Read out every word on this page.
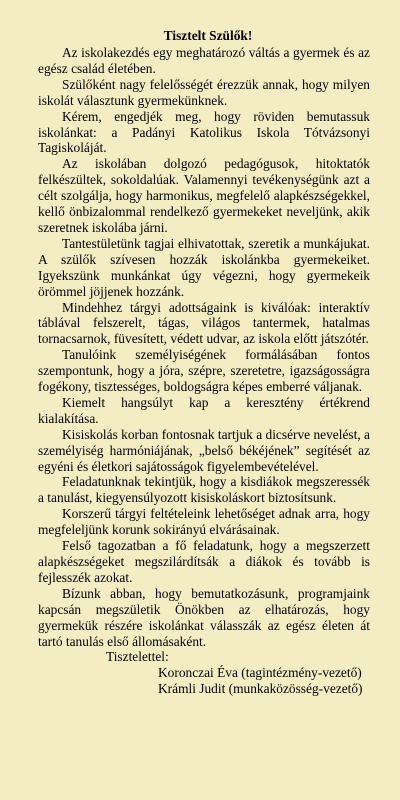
Tisztelt Szülők!

Az iskolakezdés egy meghatározó váltás a gyermek és az egész család életében.

Szülőként nagy felelősségét érezzük annak, hogy milyen iskolát választunk gyermekünknek.

Kérem, engedjék meg, hogy röviden bemutassuk iskolánkat: a Padányi Katolikus Iskola Tótvázsonyi Tagiskoláját.

Az iskolában dolgozó pedagógusok, hitoktatók felkészültek, sokoldalúak. Valamennyi tevékenységünk azt a célt szolgálja, hogy harmonikus, megfelelő alapkészségekkel, kellő önbizalommal rendelkező gyermekeket neveljünk, akik szeretnek iskolába járni.

Tantestületünk tagjai elhivatottak, szeretik a munkájukat. A szülők szívesen hozzák iskolánkba gyermekeiket. Igyekszünk munkánkat úgy végezni, hogy gyermekeik örömmel jöjjenek hozzánk.

Mindehhez tárgyi adottságaink is kiválóak: interaktív táblával felszerelt, tágas, világos tantermek, hatalmas tornacsarnok, füvesített, védett udvar, az iskola előtt játszótér.

Tanulóink személyiségének formálásában fontos szempontunk, hogy a jóra, szépre, szeretetre, igazságosságra fogékony, tisztességes, boldogságra képes emberré váljanak.

Kiemelt hangsúlyt kap a keresztény értékrend kialakítása.

Kisiskolás korban fontosnak tartjuk a dicsérve nevelést, a személyiség harmóniájának, „belső békéjének” segítését az egyéni és életkori sajátosságok figyelembevételével.

Feladatunknak tekintjük, hogy a kisdiákok megszeressék a tanulást, kiegyensúlyozott kisiskoláskort biztosítsunk.

Korszerű tárgyi feltételeink lehetőséget adnak arra, hogy megfeleljünk korunk sokirányú elvárásainak.

Felső tagozatban a fő feladatunk, hogy a megszerzett alapkészségeket megszilárdítsák a diákok és tovább is fejlesszék azokat.

Bízunk abban, hogy bemutatkozásunk, programjaink kapcsán megszületik Önökben az elhatározás, hogy gyermekük részére iskolánkat válasszák az egész életen át tartó tanulás első állomásaként.

Tisztelettel:

Koronczai Éva (tagintézmény-vezető)

Krámli Judit (munkaközösség-vezető)
